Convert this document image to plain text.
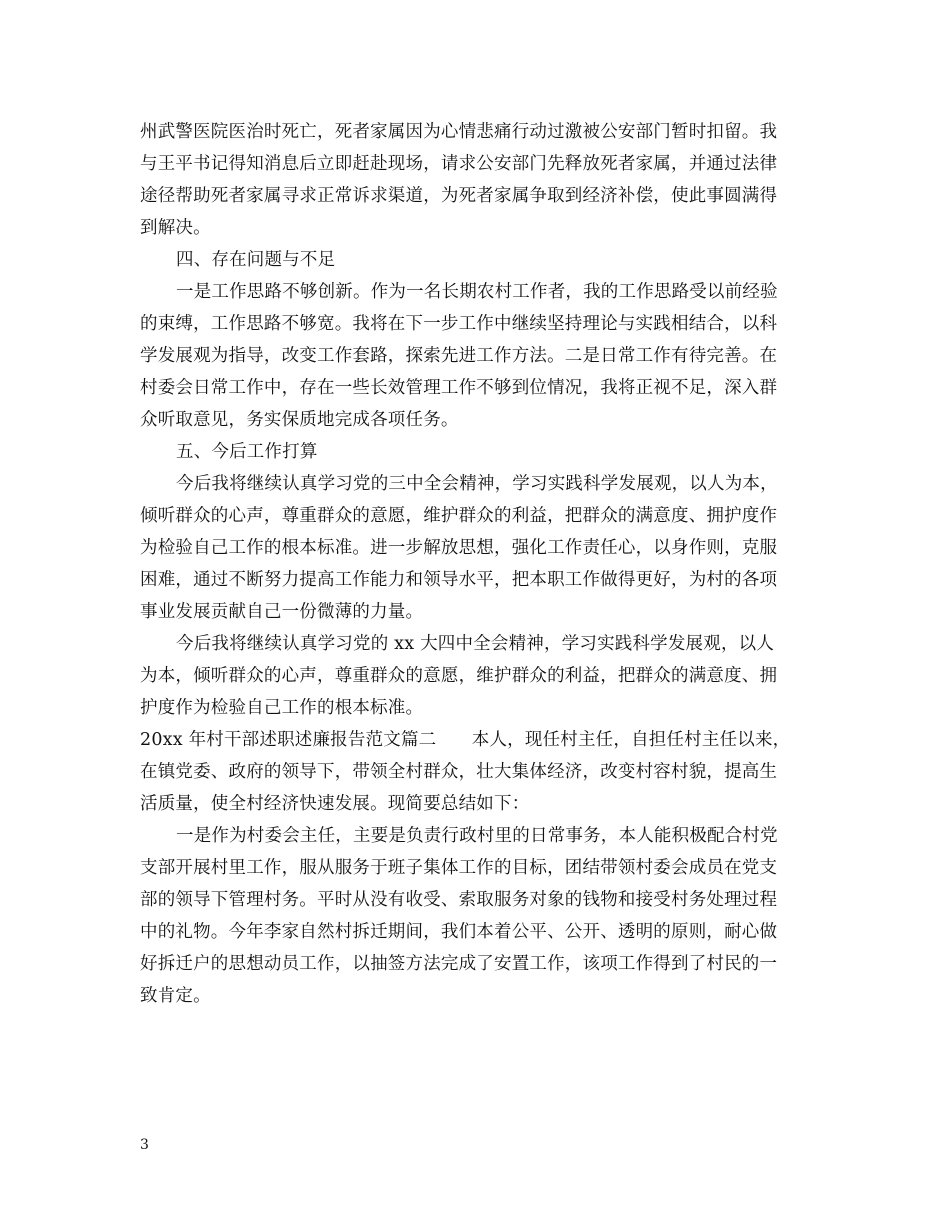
州武警医院医治时死亡，死者家属因为心情悲痛行动过激被公安部门暂时扣留。我
与王平书记得知消息后立即赶赴现场，请求公安部门先释放死者家属，并通过法律
途径帮助死者家属寻求正常诉求渠道，为死者家属争取到经济补偿，使此事圆满得
到解决。
四、存在问题与不足
一是工作思路不够创新。作为一名长期农村工作者，我的工作思路受以前经验
的束缚，工作思路不够宽。我将在下一步工作中继续坚持理论与实践相结合，以科
学发展观为指导，改变工作套路，探索先进工作方法。二是日常工作有待完善。在
村委会日常工作中，存在一些长效管理工作不够到位情况，我将正视不足，深入群
众听取意见，务实保质地完成各项任务。
五、今后工作打算
今后我将继续认真学习党的三中全会精神，学习实践科学发展观，以人为本，
倾听群众的心声，尊重群众的意愿，维护群众的利益，把群众的满意度、拥护度作
为检验自己工作的根本标准。进一步解放思想，强化工作责任心，以身作则，克服
困难，通过不断努力提高工作能力和领导水平，把本职工作做得更好，为村的各项
事业发展贡献自己一份微薄的力量。
今后我将继续认真学习党的 xx 大四中全会精神，学习实践科学发展观，以人
为本，倾听群众的心声，尊重群众的意愿，维护群众的利益，把群众的满意度、拥
护度作为检验自己工作的根本标准。
20xx 年村干部述职述廉报告范文篇二　　本人，现任村主任，自担任村主任以来，
在镇党委、政府的领导下，带领全村群众，壮大集体经济，改变村容村貌，提高生
活质量，使全村经济快速发展。现简要总结如下：
一是作为村委会主任，主要是负责行政村里的日常事务，本人能积极配合村党
支部开展村里工作，服从服务于班子集体工作的目标，团结带领村委会成员在党支
部的领导下管理村务。平时从没有收受、索取服务对象的钱物和接受村务处理过程
中的礼物。今年李家自然村拆迁期间，我们本着公平、公开、透明的原则，耐心做
好拆迁户的思想动员工作，以抽签方法完成了安置工作，该项工作得到了村民的一
致肯定。
3
